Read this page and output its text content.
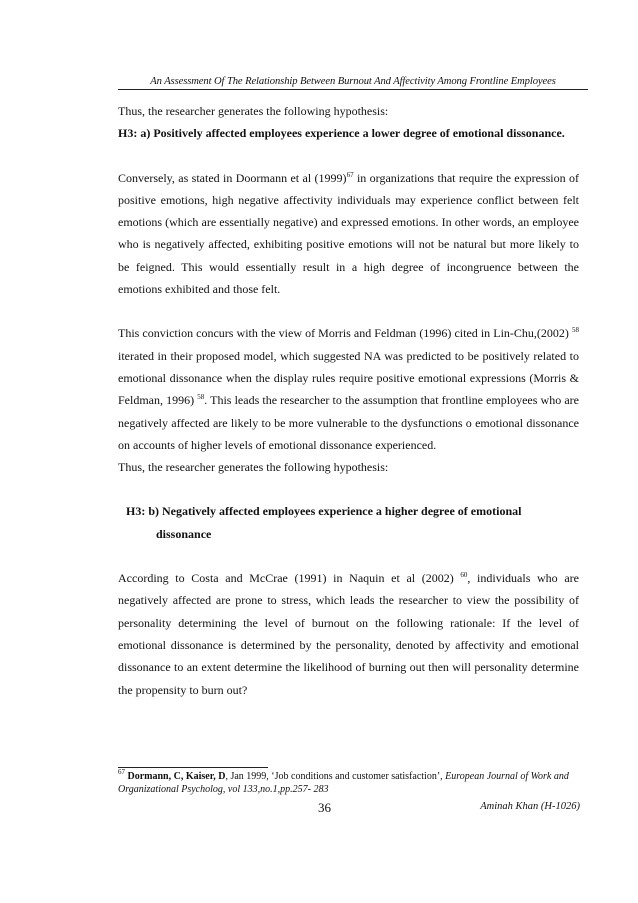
An Assessment Of The Relationship Between Burnout And Affectivity Among Frontline Employees

Thus, the researcher generates the following hypothesis:

H3: a) Positively affected employees experience a lower degree of emotional dissonance.

Conversely, as stated in Doormann et al $(1999)^{67}$ in organizations that require the expression of positive emotions, high negative affectivity individuals may experience conflict between felt emotions (which are essentially negative) and expressed emotions. In other words, an employee who is negatively affected, exhibiting positive emotions will not be natural but more likely to be feigned. This would essentially result in a high degree of incongruence between the emotions exhibited and those felt.

This conviction concurs with the view of Morris and Feldman (1996) cited in Lin-Chu,(2002) $^{58}$ iterated in their proposed model, which suggested NA was predicted to be positively related to emotional dissonance when the display rules require positive emotional expressions (Morris & Feldman, 1996) $^{58}$. This leads the researcher to the assumption that frontline employees who are negatively affected are likely to be more vulnerable to the dysfunctions o emotional dissonance on accounts of higher levels of emotional dissonance experienced.

Thus, the researcher generates the following hypothesis:

H3: b) Negatively affected employees experience a higher degree of emotional

dissonance

According to Costa and McCrae (1991) in Naquin et al (2002) $^{60}$, individuals who are negatively affected are prone to stress, which leads the researcher to view the possibility of personality determining the level of burnout on the following rationale: If the level of emotional dissonance is determined by the personality, denoted by affectivity and emotional dissonance to an extent determine the likelihood of burning out then will personality determine the propensity to burn out?

$^{67}$ Dormann, C, Kaiser, D, Jan 1999, ‘Job conditions and customer satisfaction’, European Journal of Work and Organizational Psycholog, vol 133,no.1,pp.257- 283
36	Aminah Khan (H-1026)
